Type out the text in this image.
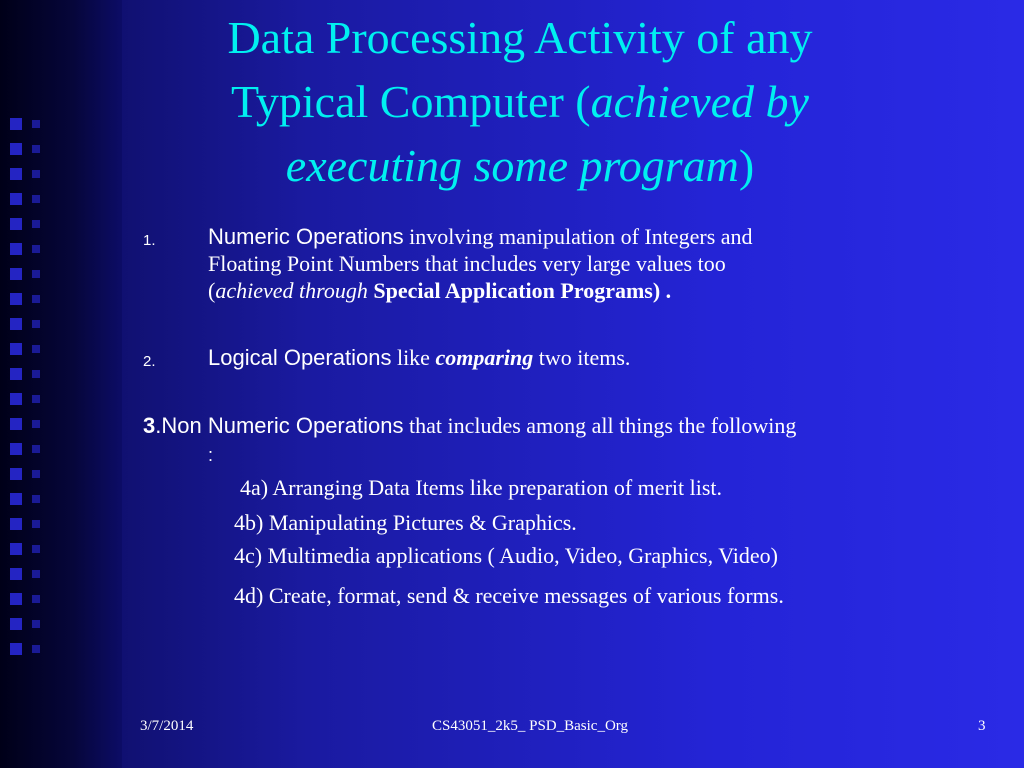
Data Processing Activity of any
Typical Computer (achieved by
executing some program)
1. Numeric Operations involving manipulation of Integers and
Floating Point Numbers that includes very large values too
(achieved through Special Application Programs) .
2. Logical Operations like comparing two items.
3.Non Numeric Operations that includes among all things the following
:
4a) Arranging Data Items like preparation of merit list.
4b) Manipulating Pictures & Graphics.
4c) Multimedia applications ( Audio, Video, Graphics, Video)
4d) Create, format, send & receive messages of various forms.
3/7/2014	CS43051_2k5_ PSD_Basic_Org	3
